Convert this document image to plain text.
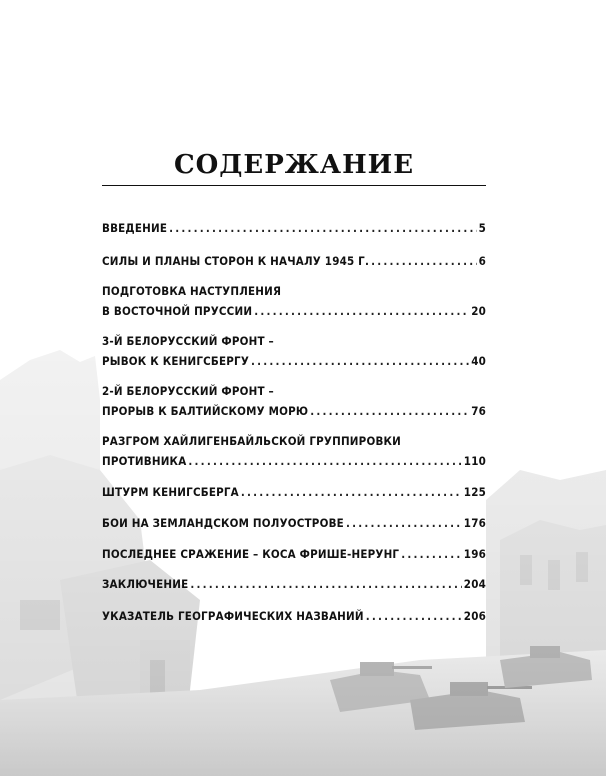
СОДЕРЖАНИЕ
ВВЕДЕНИЕ .....	5
СИЛЫ И ПЛАНЫ СТОРОН К НАЧАЛУ 1945 Г. .....	6
ПОДГОТОВКА НАСТУПЛЕНИЯ
В ВОСТОЧНОЙ ПРУССИИ .....	20
3-Й БЕЛОРУССКИЙ ФРОНТ –
РЫВОК К КЕНИГСБЕРГУ .....	40
2-Й БЕЛОРУССКИЙ ФРОНТ –
ПРОРЫВ К БАЛТИЙСКОМУ МОРЮ .....	76
РАЗГРОМ ХАЙЛИГЕНБАЙЛЬСКОЙ ГРУППИРОВКИ
ПРОТИВНИКА .....	110
ШТУРМ КЕНИГСБЕРГА .....	125
БОИ НА ЗЕМЛАНДСКОМ ПОЛУОСТРОВЕ .....	176
ПОСЛЕДНЕЕ СРАЖЕНИЕ – КОСА ФРИШЕ-НЕРУНГ .....	196
ЗАКЛЮЧЕНИЕ .....	204
УКАЗАТЕЛЬ ГЕОГРАФИЧЕСКИХ НАЗВАНИЙ .....	206
